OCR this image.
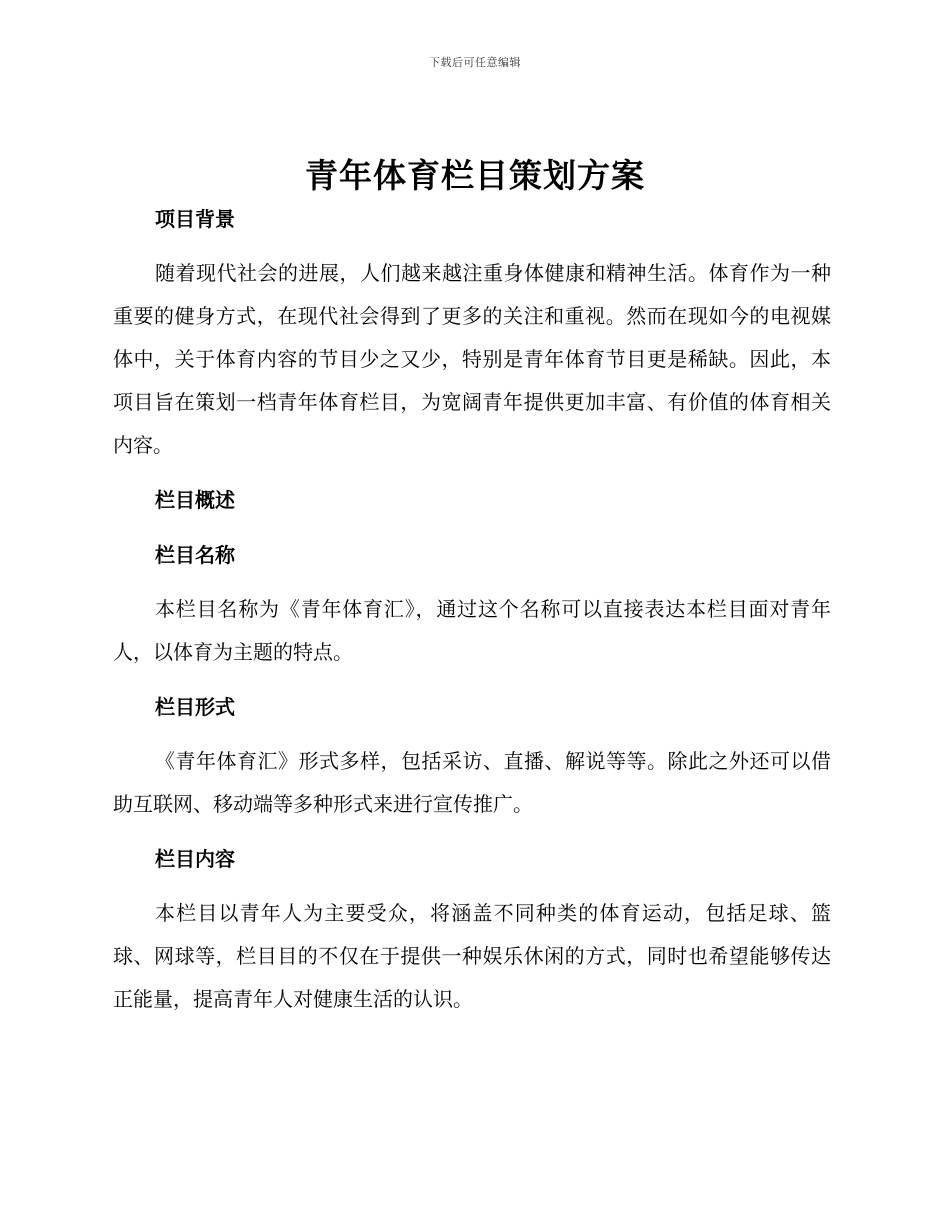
下载后可任意编辑
青年体育栏目策划方案
项目背景

随着现代社会的进展，人们越来越注重身体健康和精神生活。体育作为一种重要的健身方式，在现代社会得到了更多的关注和重视。然而在现如今的电视媒体中，关于体育内容的节目少之又少，特别是青年体育节目更是稀缺。因此，本项目旨在策划一档青年体育栏目，为宽阔青年提供更加丰富、有价值的体育相关内容。

栏目概述
栏目名称

本栏目名称为《青年体育汇》，通过这个名称可以直接表达本栏目面对青年人，以体育为主题的特点。

栏目形式

《青年体育汇》形式多样，包括采访、直播、解说等等。除此之外还可以借助互联网、移动端等多种形式来进行宣传推广。

栏目内容

本栏目以青年人为主要受众，将涵盖不同种类的体育运动，包括足球、篮球、网球等，栏目目的不仅在于提供一种娱乐休闲的方式，同时也希望能够传达正能量，提高青年人对健康生活的认识。
